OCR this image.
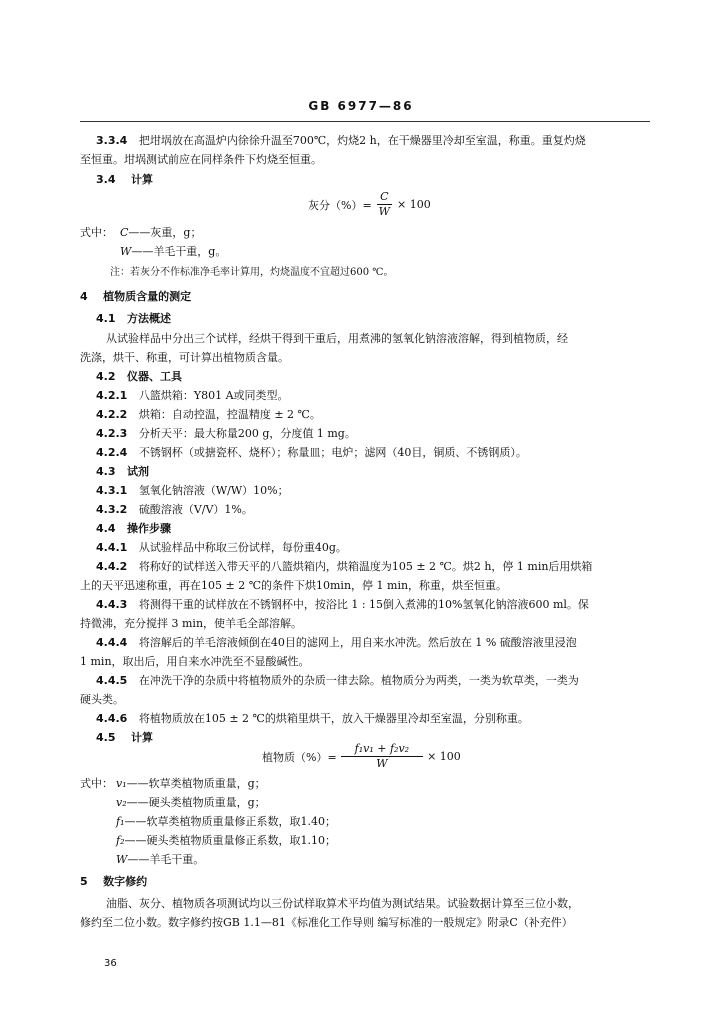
GB 6977—86
3.3.4 把坩埚放在高温炉内徐徐升温至700℃，灼烧2 h，在干燥器里冷却至室温，称重。重复灼烧
至恒重。坩埚测试前应在同样条件下灼烧至恒重。
3.4 计算
灰分（%）= $\frac{C}{W} \times 100$
式中： C——灰重，g；
W——羊毛干重，g。
注：若灰分不作标准净毛率计算用，灼烧温度不宜超过600 ℃。
4 植物质含量的测定
4.1 方法概述
从试验样品中分出三个试样，经烘干得到干重后，用煮沸的氢氧化钠溶液溶解，得到植物质，经
洗涤，烘干、称重，可计算出植物质含量。
4.2 仪器、工具
4.2.1 八篮烘箱：Y801 A或同类型。
4.2.2 烘箱：自动控温，控温精度 ± 2 ℃。
4.2.3 分析天平：最大称量200 g，分度值 1 mg。
4.2.4 不锈钢杯（或搪瓷杯、烧杯）；称量皿；电炉；滤网（40目，铜质、不锈钢质）。
4.3 试剂
4.3.1 氢氧化钠溶液（W/W）10%；
4.3.2 硫酸溶液（V/V）1%。
4.4 操作步骤
4.4.1 从试验样品中称取三份试样，每份重40g。
4.4.2 将称好的试样送入带天平的八篮烘箱内，烘箱温度为105 ± 2 ℃。烘2 h，停 1 min后用烘箱
上的天平迅速称重，再在105 ± 2 ℃的条件下烘10min，停 1 min，称重，烘至恒重。
4.4.3 将测得干重的试样放在不锈钢杯中，按浴比 1 : 15倒入煮沸的10%氢氧化钠溶液600 ml。保
持微沸，充分搅拌 3 min，使羊毛全部溶解。
4.4.4 将溶解后的羊毛溶液倾倒在40目的滤网上，用自来水冲洗。然后放在 1 % 硫酸溶液里浸泡
1 min，取出后，用自来水冲洗至不显酸碱性。
4.4.5 在冲洗干净的杂质中将植物质外的杂质一律去除。植物质分为两类，一类为软草类，一类为
硬头类。
4.4.6 将植物质放在105 ± 2 ℃的烘箱里烘干，放入干燥器里冷却至室温，分别称重。
4.5 计算
植物质（%）= $\frac{\text{f₁v₁ + f₂v₂}}{W} \times 100$
式中： v₁——软草类植物质重量，g；
v₂——硬头类植物质重量，g；
f₁——软草类植物质重量修正系数，取1.40；
f₂——硬头类植物质重量修正系数，取1.10；
W——羊毛干重。
5 数字修约
油脂、灰分、植物质各项测试均以三份试样取算术平均值为测试结果。试验数据计算至三位小数，
修约至二位小数。数字修约按GB 1.1—81《标准化工作导则 编写标准的一般规定》附录C（补充件）
36
